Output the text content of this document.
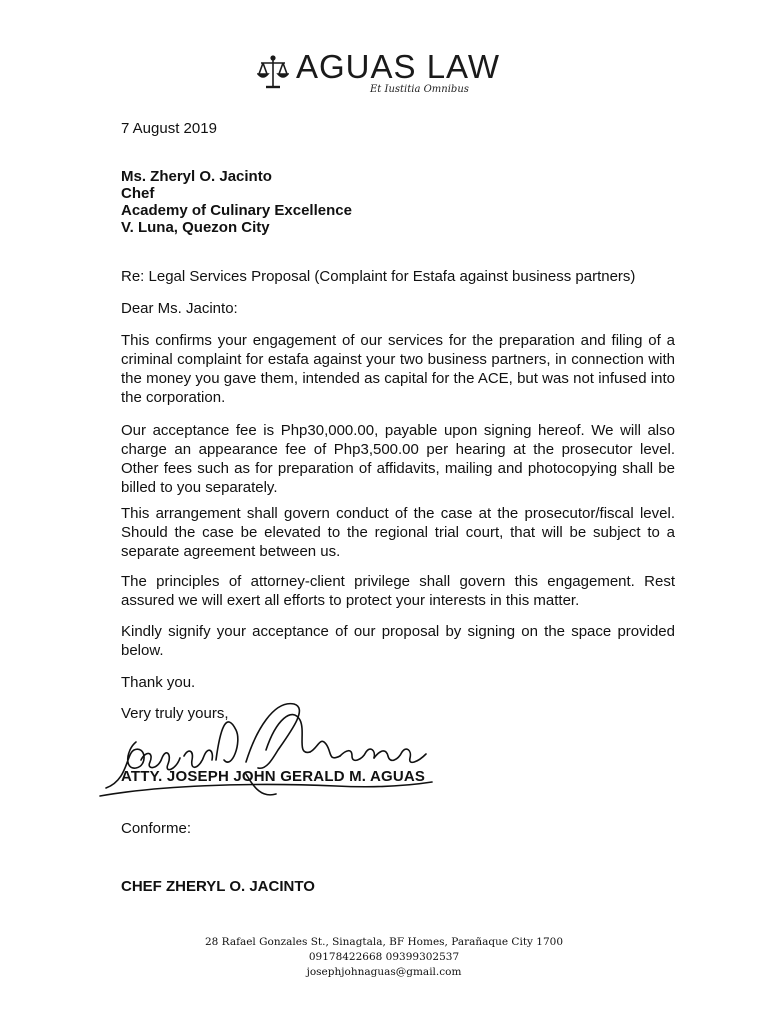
AGUAS LAW
Et Iustitia Omnibus
7 August 2019
Ms. Zheryl O. Jacinto
Chef
Academy of Culinary Excellence
V. Luna, Quezon City
Re: Legal Services Proposal (Complaint for Estafa against business partners)
Dear Ms. Jacinto:

This confirms your engagement of our services for the preparation and filing of a criminal complaint for estafa against your two business partners, in connection with the money you gave them, intended as capital for the ACE, but was not infused into the corporation.

Our acceptance fee is Php30,000.00, payable upon signing hereof. We will also charge an appearance fee of Php3,500.00 per hearing at the prosecutor level. Other fees such as for preparation of affidavits, mailing and photocopying shall be billed to you separately.

This arrangement shall govern conduct of the case at the prosecutor/fiscal level. Should the case be elevated to the regional trial court, that will be subject to a separate agreement between us.

The principles of attorney-client privilege shall govern this engagement. Rest assured we will exert all efforts to protect your interests in this matter.

Kindly signify your acceptance of our proposal by signing on the space provided below.

Thank you.
Very truly yours,
ATTY. JOSEPH JOHN GERALD M. AGUAS
Conforme:
CHEF ZHERYL O. JACINTO
28 Rafael Gonzales St., Sinagtala, BF Homes, Parañaque City 1700
09178422668 09399302537
josephjohnaguas@gmail.com
